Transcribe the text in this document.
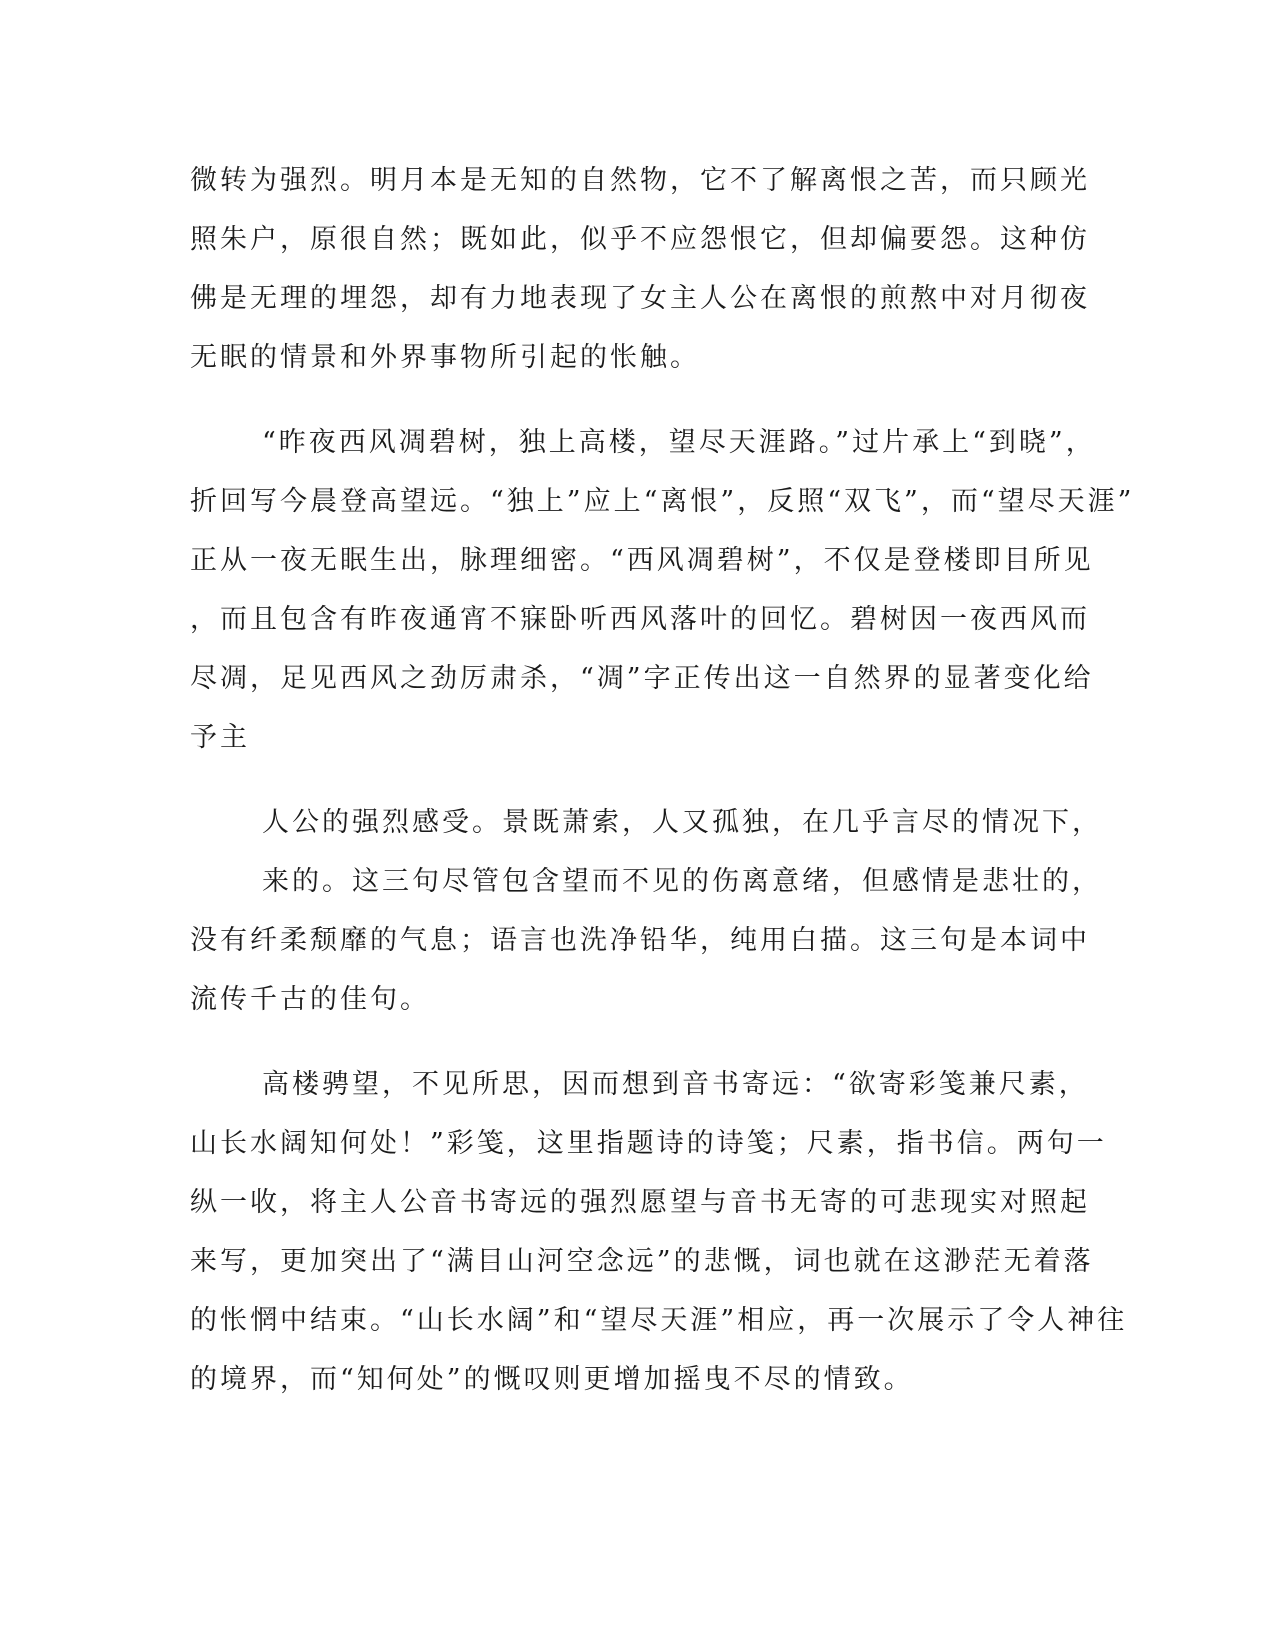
微转为强烈。明月本是无知的自然物，它不了解离恨之苦，而只顾光
照朱户，原很自然；既如此，似乎不应怨恨它，但却偏要怨。这种仿
佛是无理的埋怨，却有力地表现了女主人公在离恨的煎熬中对月彻夜
无眠的情景和外界事物所引起的怅触。
“昨夜西风凋碧树，独上高楼，望尽天涯路。”过片承上“到晓”，
折回写今晨登高望远。“独上”应上“离恨”，反照“双飞”，而“望尽天涯”
正从一夜无眠生出，脉理细密。“西风凋碧树”，不仅是登楼即目所见
，而且包含有昨夜通宵不寐卧听西风落叶的回忆。碧树因一夜西风而
尽凋，足见西风之劲厉肃杀，“凋”字正传出这一自然界的显著变化给
予主
人公的强烈感受。景既萧索，人又孤独，在几乎言尽的情况下，
来的。这三句尽管包含望而不见的伤离意绪，但感情是悲壮的，
没有纤柔颓靡的气息；语言也洗净铅华，纯用白描。这三句是本词中
流传千古的佳句。
高楼骋望，不见所思，因而想到音书寄远：“欲寄彩笺兼尺素，
山长水阔知何处！”彩笺，这里指题诗的诗笺；尺素，指书信。两句一
纵一收，将主人公音书寄远的强烈愿望与音书无寄的可悲现实对照起
来写，更加突出了“满目山河空念远”的悲慨，词也就在这渺茫无着落
的怅惘中结束。“山长水阔”和“望尽天涯”相应，再一次展示了令人神往
的境界，而“知何处”的慨叹则更增加摇曳不尽的情致。
